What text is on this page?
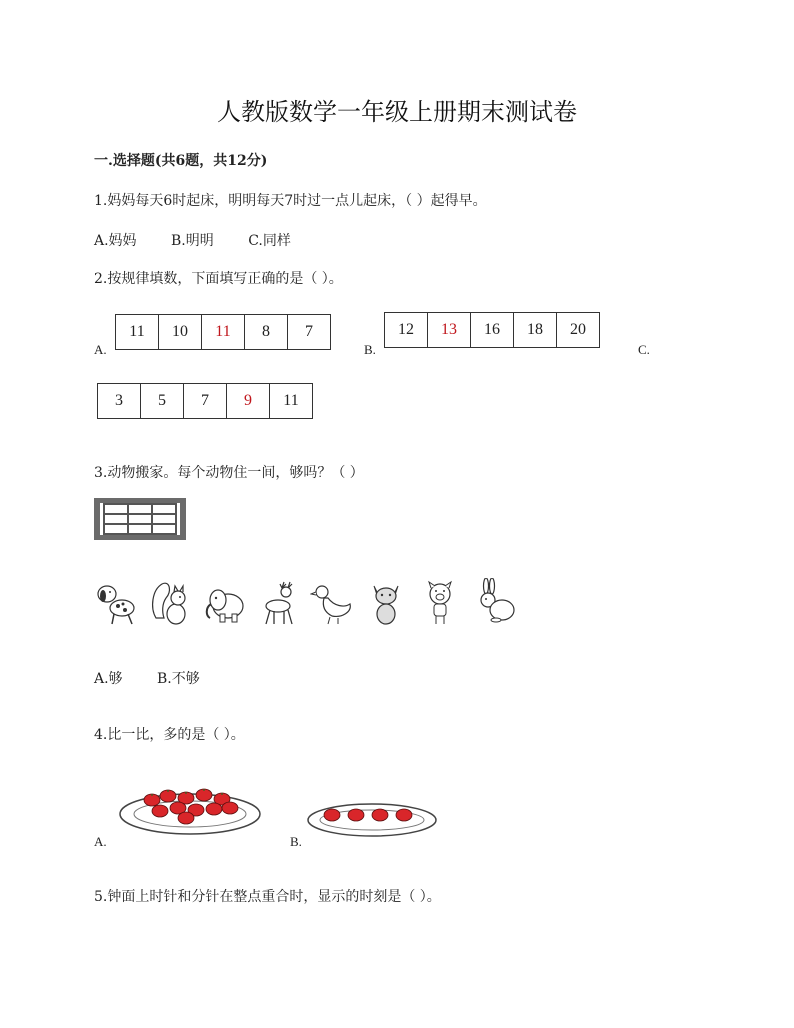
人教版数学一年级上册期末测试卷
一.选择题(共6题，共12分)
1.妈妈每天6时起床，明明每天7时过一点儿起床，（ ）起得早。
A.妈妈 B.明明 C.同样
2.按规律填数，下面填写正确的是（ ）。
A.
11	10	11	8	7
B.
12	13	16	18	20
C.
3	5	7	9	11
3.动物搬家。每个动物住一间，够吗？（ ）
A.够 B.不够
4.比一比，多的是（ ）。
A.	B.
5.钟面上时针和分针在整点重合时，显示的时刻是（ ）。
